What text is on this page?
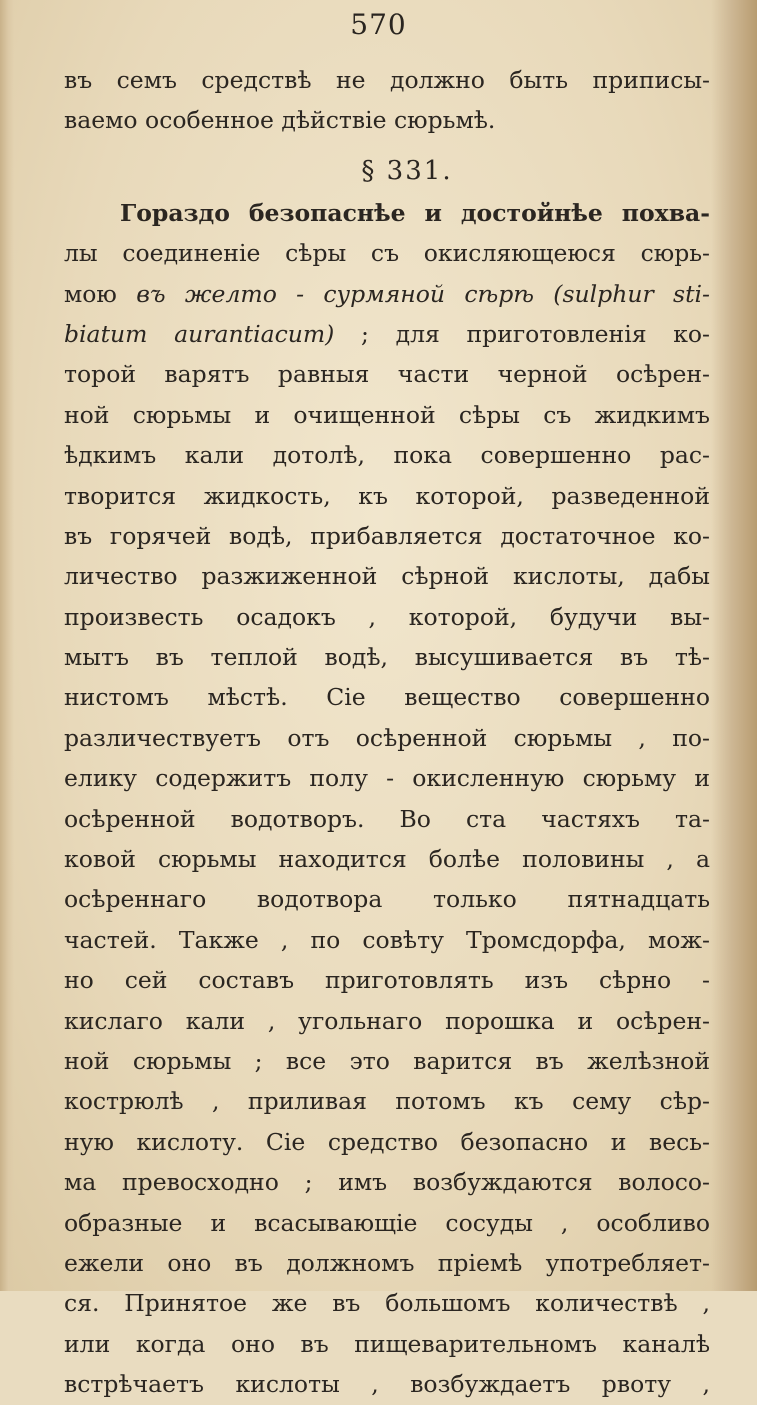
570
въ семъ средствѣ не должно быть приписы-
ваемо особенное дѣйствіе сюрьмѣ.
§ 331.
Гораздо безопаснѣе и достойнѣе похва-
лы соединеніе сѣры съ окисляющеюся сюрь-
мою въ желто - сурмяной сѣрѣ (sulphur sti-
biatum aurantiacum) ; для приготовленія ко-
торой варятъ равныя части черной осѣрен-
ной сюрьмы и очищенной сѣры съ жидкимъ
ѣдкимъ кали дотолѣ, пока совершенно рас-
творится жидкость, къ которой, разведенной
въ горячей водѣ, прибавляется достаточное ко-
личество разжиженной сѣрной кислоты, дабы
произвесть осадокъ , которой, будучи вы-
мытъ въ теплой водѣ, высушивается въ тѣ-
нистомъ мѣстѣ. Сіе вещество совершенно
различествуетъ отъ осѣренной сюрьмы , по-
елику содержитъ полу - окисленную сюрьму и
осѣренной водотворъ. Во ста частяхъ та-
ковой сюрьмы находится болѣе половины , а
осѣреннаго водотвора только пятнадцать
частей. Также , по совѣту Тромсдорфа, мож-
но сей составъ приготовлять изъ сѣрно -
кислаго кали , угольнаго порошка и осѣрен-
ной сюрьмы ; все это варится въ желѣзной
кострюлѣ , приливая потомъ къ сему сѣр-
ную кислоту. Сіе средство безопасно и весь-
ма превосходно ; имъ возбуждаются волосо-
образные и всасывающіе сосуды , особливо
ежели оно въ должномъ пріемѣ употребляет-
ся. Принятое же въ большомъ количествѣ ,
или когда оно въ пищеварительномъ каналѣ
встрѣчаетъ кислоты , возбуждаетъ рвоту ,
